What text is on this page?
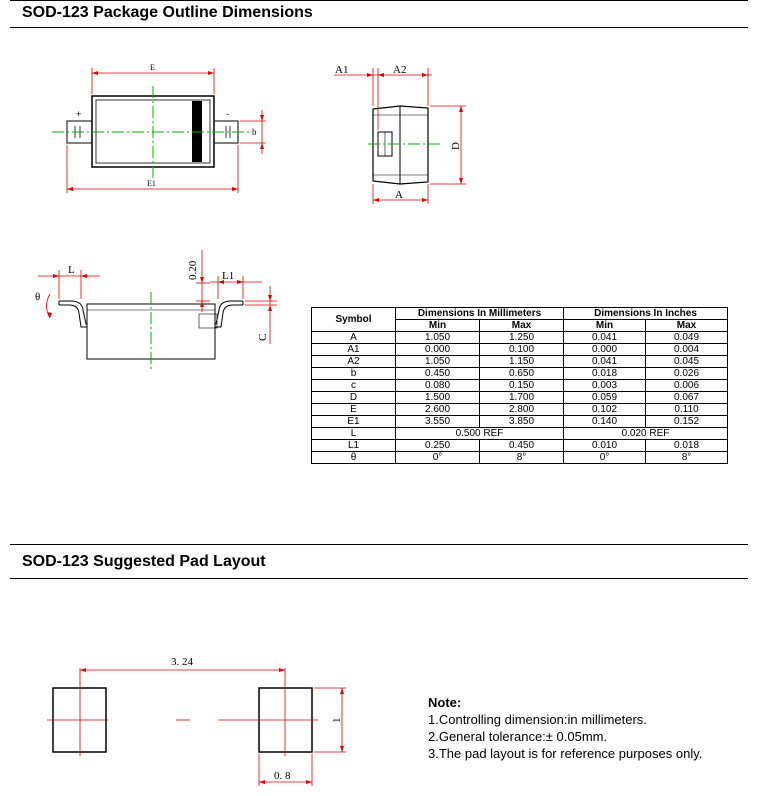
SOD-123 Package Outline Dimensions
E
E1
b
+	-
A1	A2
A
D
L	L1
θ
0.20
C
3. 24
0. 8
1
Symbol	Dimensions In Millimeters		Dimensions In Inches	
	Min	Max	Min	Max
A	1.050	1.250	0.041	0.049
A1	0.000	0.100	0.000	0.004
A2	1.050	1.150	0.041	0.045
b	0.450	0.650	0.018	0.026
c	0.080	0.150	0.003	0.006
D	1.500	1.700	0.059	0.067
E	2.600	2.800	0.102	0.110
E1	3.550	3.850	0.140	0.152
L	0.500 REF		0.020 REF	
L1	0.250	0.450	0.010	0.018
θ	0°	8°	0°	8°
SOD-123 Suggested Pad Layout
Note:
1.Controlling dimension:in millimeters.
2.General tolerance:± 0.05mm.
3.The pad layout is for reference purposes only.
